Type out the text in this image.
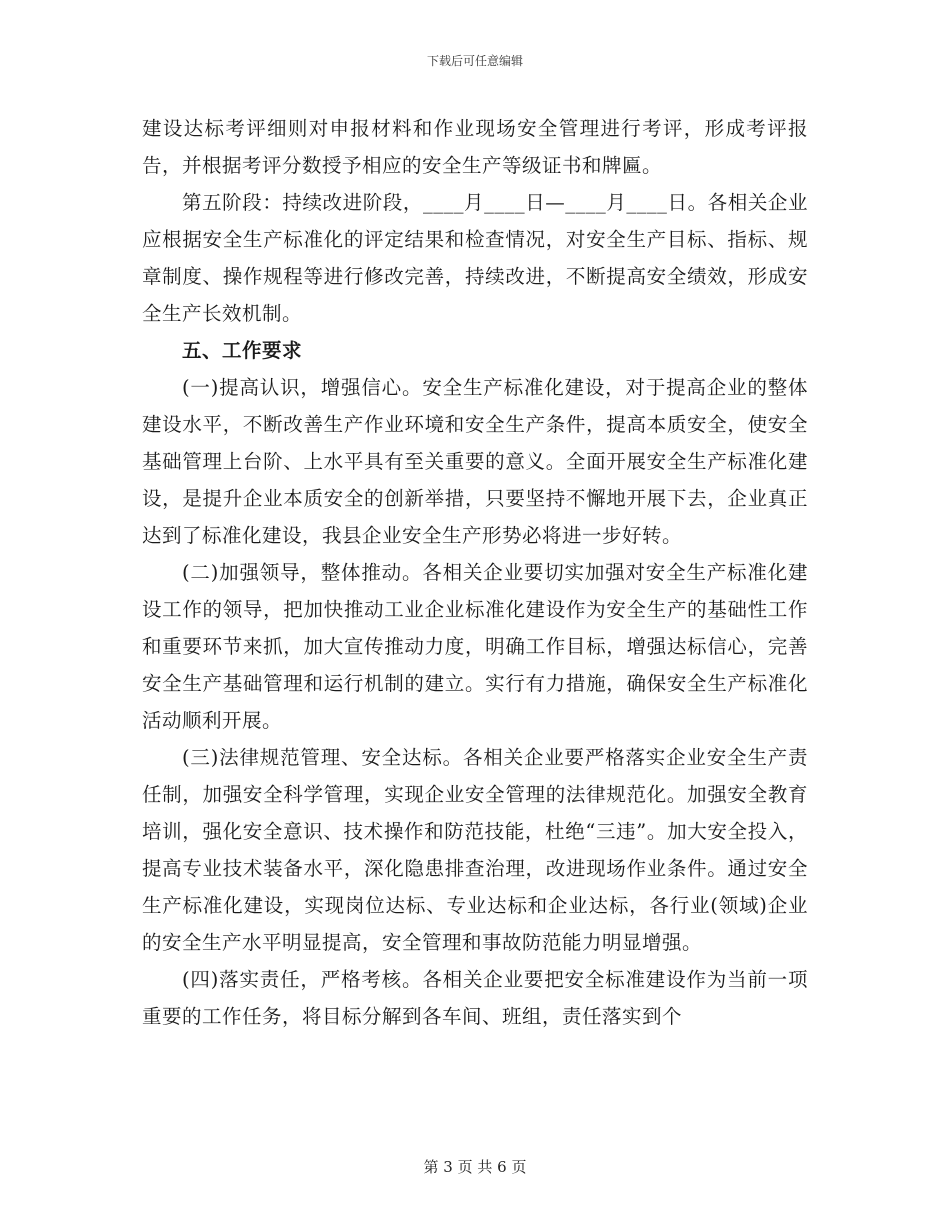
下载后可任意编辑

建设达标考评细则对申报材料和作业现场安全管理进行考评，形成考评报告，并根据考评分数授予相应的安全生产等级证书和牌匾。

第五阶段：持续改进阶段，____月____日—____月____日。各相关企业应根据安全生产标准化的评定结果和检查情况，对安全生产目标、指标、规章制度、操作规程等进行修改完善，持续改进，不断提高安全绩效，形成安全生产长效机制。

五、工作要求

(一)提高认识，增强信心。安全生产标准化建设，对于提高企业的整体建设水平，不断改善生产作业环境和安全生产条件，提高本质安全，使安全基础管理上台阶、上水平具有至关重要的意义。全面开展安全生产标准化建设，是提升企业本质安全的创新举措，只要坚持不懈地开展下去，企业真正达到了标准化建设，我县企业安全生产形势必将进一步好转。

(二)加强领导，整体推动。各相关企业要切实加强对安全生产标准化建设工作的领导，把加快推动工业企业标准化建设作为安全生产的基础性工作和重要环节来抓，加大宣传推动力度，明确工作目标，增强达标信心，完善安全生产基础管理和运行机制的建立。实行有力措施，确保安全生产标准化活动顺利开展。

(三)法律规范管理、安全达标。各相关企业要严格落实企业安全生产责任制，加强安全科学管理，实现企业安全管理的法律规范化。加强安全教育培训，强化安全意识、技术操作和防范技能，杜绝“三违”。加大安全投入，提高专业技术装备水平，深化隐患排查治理，改进现场作业条件。通过安全生产标准化建设，实现岗位达标、专业达标和企业达标，各行业(领域)企业的安全生产水平明显提高，安全管理和事故防范能力明显增强。

(四)落实责任，严格考核。各相关企业要把安全标准建设作为当前一项重要的工作任务，将目标分解到各车间、班组，责任落实到个

第 3 页 共 6 页
